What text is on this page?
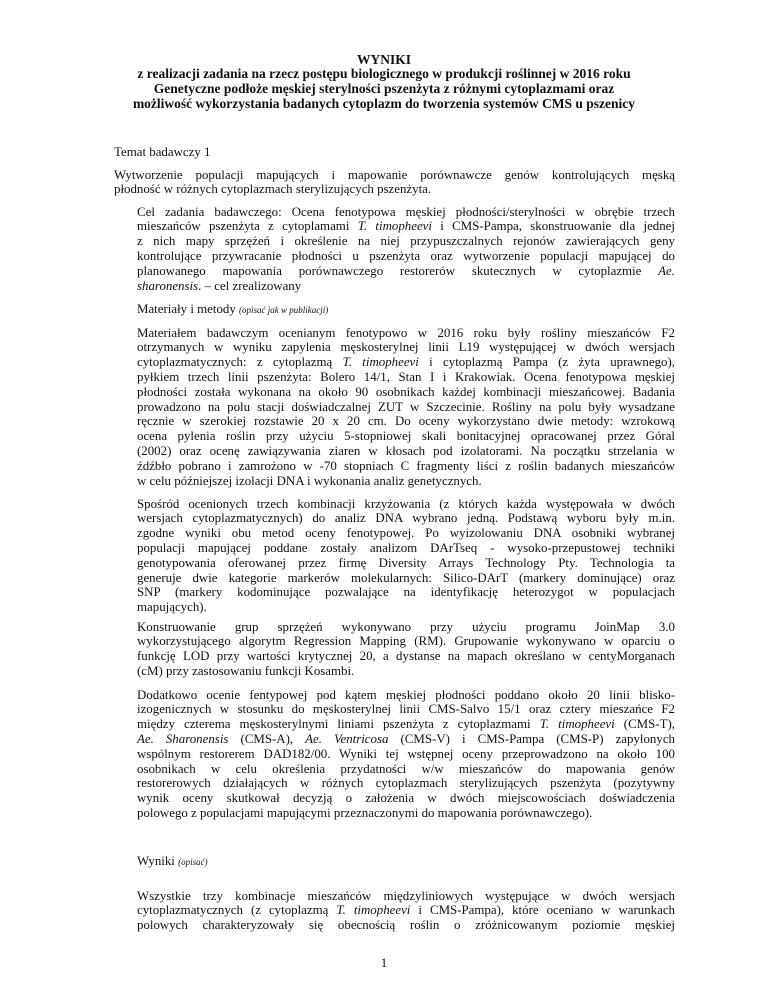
WYNIKI
z realizacji zadania na rzecz postępu biologicznego w produkcji roślinnej w 2016 roku
Genetyczne podłoże męskiej sterylności pszenżyta z różnymi cytoplazmami oraz
możliwość wykorzystania badanych cytoplazm do tworzenia systemów CMS u pszenicy
Temat badawczy 1
Wytworzenie populacji mapujących i mapowanie porównawcze genów kontrolujących męską
płodność w różnych cytoplazmach sterylizujących pszenżyta.
Cel zadania badawczego: Ocena fenotypowa męskiej płodności/sterylności w obrębie trzech
mieszańców pszenżyta z cytoplamami T. timopheevi i CMS-Pampa, skonstruowanie dla jednej
z nich mapy sprzężeń i określenie na niej przypuszczalnych rejonów zawierających geny
kontrolujące przywracanie płodności u pszenżyta oraz wytworzenie populacji mapującej do
planowanego mapowania porównawczego restorerów skutecznych w cytoplazmie Ae.
sharonensis. – cel zrealizowany
Materiały i metody (opisać jak w publikacji)
Materiałem badawczym ocenianym fenotypowo w 2016 roku były rośliny mieszańców F2
otrzymanych w wyniku zapylenia męskosterylnej linii L19 występującej w dwóch wersjach
cytoplazmatycznych: z cytoplazmą T. timopheevi i cytoplazmą Pampa (z żyta uprawnego),
pyłkiem trzech linii pszenżyta: Bolero 14/1, Stan I i Krakowiak. Ocena fenotypowa męskiej
płodności została wykonana na około 90 osobnikach każdej kombinacji mieszańcowej. Badania
prowadzono na polu stacji doświadczalnej ZUT w Szczecinie. Rośliny na polu były wysadzane
ręcznie w szerokiej rozstawie 20 x 20 cm. Do oceny wykorzystano dwie metody: wzrokową
ocena pylenia roślin przy użyciu 5-stopniowej skali bonitacyjnej opracowanej przez Góral
(2002) oraz ocenę zawiązywania ziaren w kłosach pod izolatorami. Na początku strzelania w
źdźbło pobrano i zamrożono w -70 stopniach C fragmenty liści z roślin badanych mieszańców
w celu późniejszej izolacji DNA i wykonania analiz genetycznych.
Spośród ocenionych trzech kombinacji krzyżowania (z których każda występowała w dwóch
wersjach cytoplazmatycznych) do analiz DNA wybrano jedną. Podstawą wyboru były m.in.
zgodne wyniki obu metod oceny fenotypowej. Po wyizolowaniu DNA osobniki wybranej
populacji mapującej poddane zostały analizom DArTseq - wysoko-przepustowej techniki
genotypowania oferowanej przez firmę Diversity Arrays Technology Pty. Technologia ta
generuje dwie kategorie markerów molekularnych: Silico-DArT (markery dominujące) oraz
SNP (markery kodominujące pozwalające na identyfikację heterozygot w populacjach
mapujących).
Konstruowanie grup sprzężeń wykonywano przy użyciu programu JoinMap 3.0
wykorzystującego algorytm Regression Mapping (RM). Grupowanie wykonywano w oparciu o
funkcję LOD przy wartości krytycznej 20, a dystanse na mapach określano w centyMorganach
(cM) przy zastosowaniu funkcji Kosambi.
Dodatkowo ocenie fentypowej pod kątem męskiej płodności poddano około 20 linii blisko-
izogenicznych w stosunku do męskosterylnej linii CMS-Salvo 15/1 oraz cztery mieszańce F2
między czterema męskosterylnymi liniami pszenżyta z cytoplazmami T. timopheevi (CMS-T),
Ae. Sharonensis (CMS-A), Ae. Ventricosa (CMS-V) i CMS-Pampa (CMS-P) zapylonych
wspólnym restorerem DAD182/00. Wyniki tej wstępnej oceny przeprowadzono na około 100
osobnikach w celu określenia przydatności w/w mieszańców do mapowania genów
restorerowych działających w różnych cytoplazmach sterylizujących pszenżyta (pozytywny
wynik oceny skutkował decyzją o założenia w dwóch miejscowościach doświadczenia
polowego z populacjami mapującymi przeznaczonymi do mapowania porównawczego).
Wyniki (opisać)
Wszystkie trzy kombinacje mieszańców międzyliniowych występujące w dwóch wersjach
cytoplazmatycznych (z cytoplazmą T. timopheevi i CMS-Pampa), które oceniano w warunkach
polowych charakteryzowały się obecnością roślin o zróżnicowanym poziomie męskiej
1
